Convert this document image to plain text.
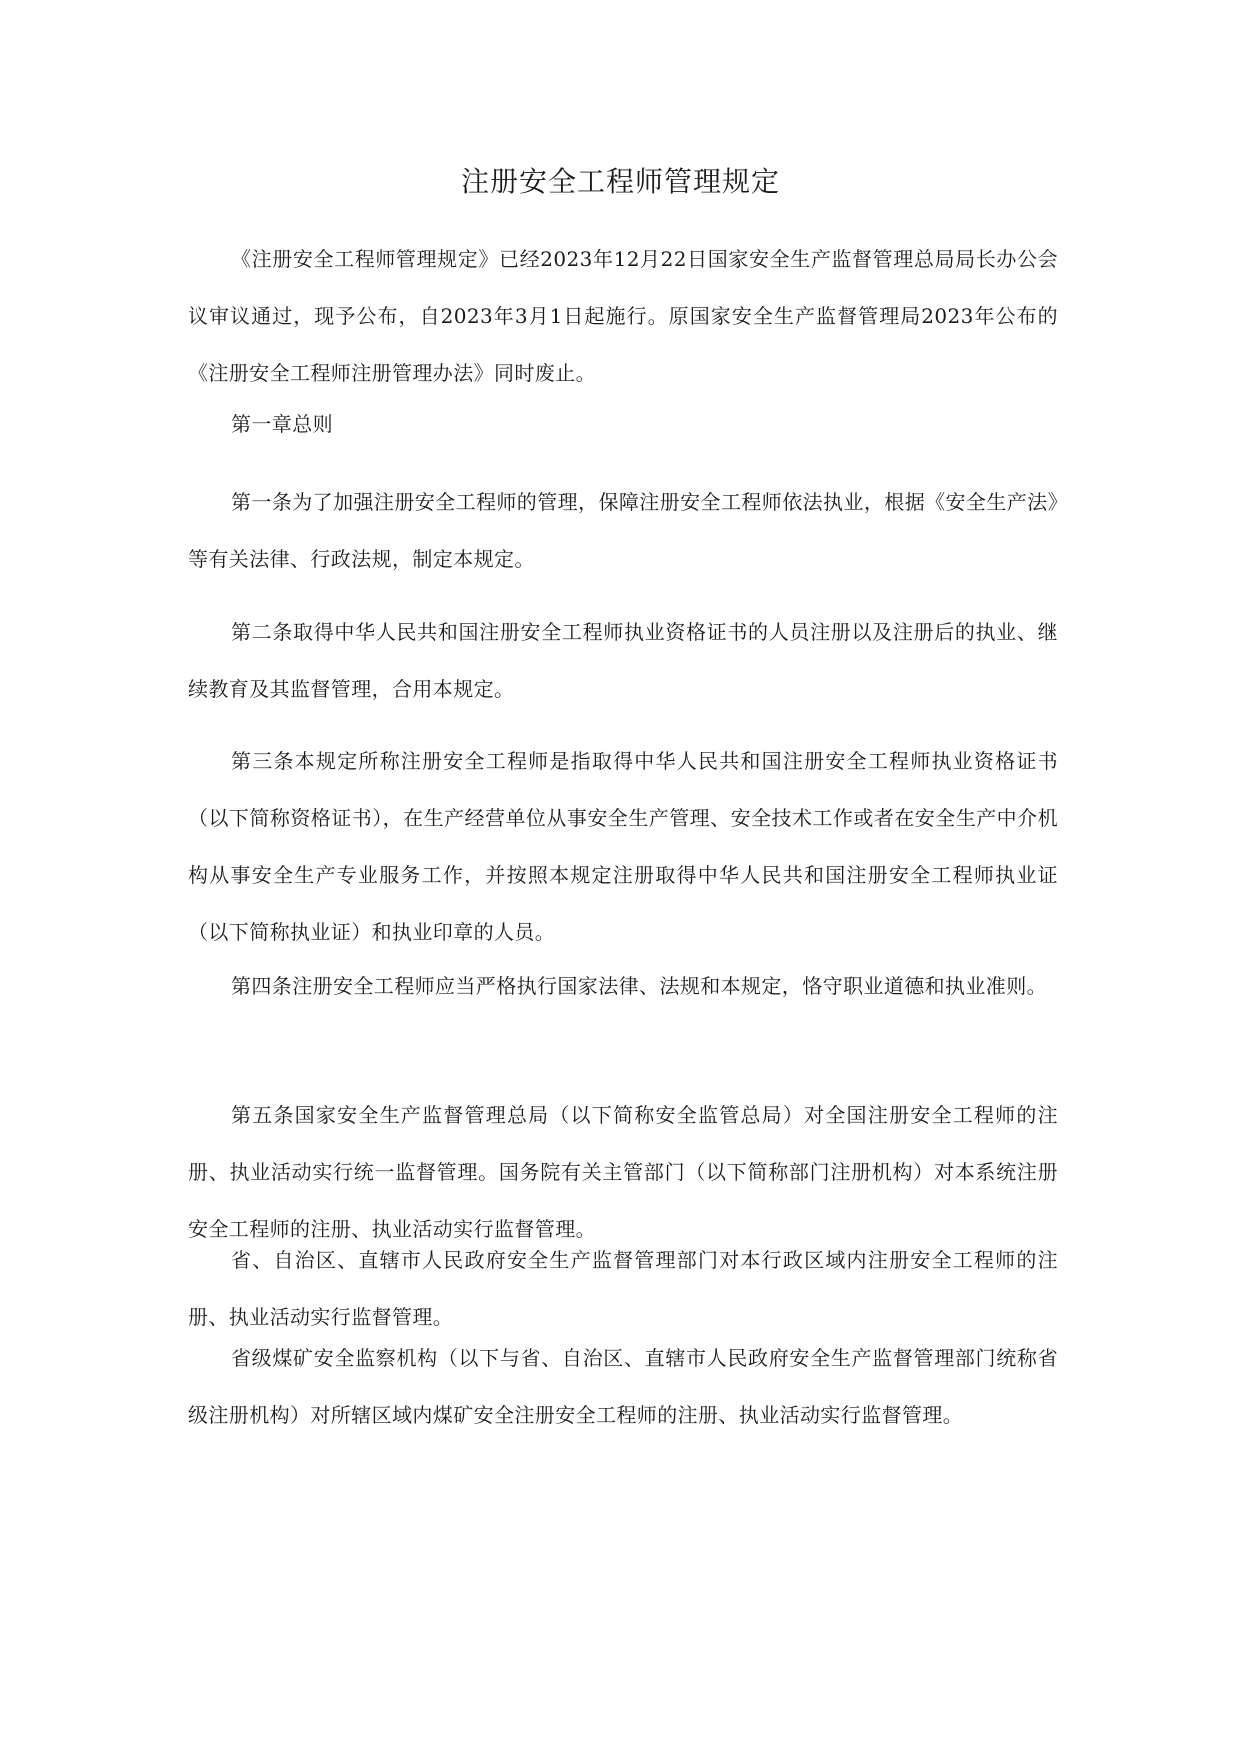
注册安全工程师管理规定

《注册安全工程师管理规定》已经2023年12月22日国家安全生产监督管理总局局长办公会议审议通过，现予公布，自2023年3月1日起施行。原国家安全生产监督管理局2023年公布的《注册安全工程师注册管理办法》同时废止。

第一章总则

第一条为了加强注册安全工程师的管理，保障注册安全工程师依法执业，根据《安全生产法》等有关法律、行政法规，制定本规定。

第二条取得中华人民共和国注册安全工程师执业资格证书的人员注册以及注册后的执业、继续教育及其监督管理，合用本规定。

第三条本规定所称注册安全工程师是指取得中华人民共和国注册安全工程师执业资格证书（以下简称资格证书），在生产经营单位从事安全生产管理、安全技术工作或者在安全生产中介机构从事安全生产专业服务工作，并按照本规定注册取得中华人民共和国注册安全工程师执业证（以下简称执业证）和执业印章的人员。

第四条注册安全工程师应当严格执行国家法律、法规和本规定，恪守职业道德和执业准则。

第五条国家安全生产监督管理总局（以下简称安全监管总局）对全国注册安全工程师的注册、执业活动实行统一监督管理。国务院有关主管部门（以下简称部门注册机构）对本系统注册安全工程师的注册、执业活动实行监督管理。

省、自治区、直辖市人民政府安全生产监督管理部门对本行政区域内注册安全工程师的注册、执业活动实行监督管理。

省级煤矿安全监察机构（以下与省、自治区、直辖市人民政府安全生产监督管理部门统称省级注册机构）对所辖区域内煤矿安全注册安全工程师的注册、执业活动实行监督管理。
